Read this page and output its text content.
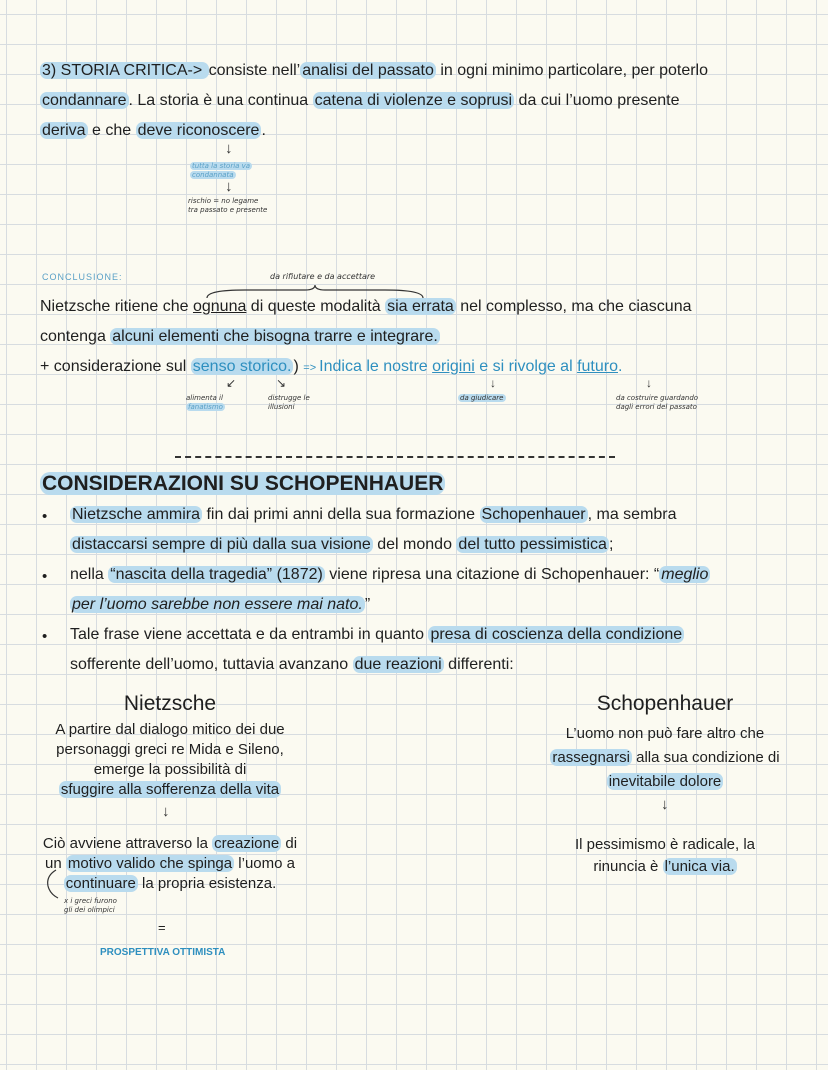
3) STORIA CRITICA-> consiste nell’ analisi del passato in ogni minimo particolare, per poterlo
condannare . La storia è una continua catena di violenze e soprusi da cui l’uomo presente
deriva e che deve riconoscere .
↓
tutta la storia va condannata
↓
rischio = no legame
tra passato e presente
CONCLUSIONE:	da rifiutare e da accettare
Nietzsche ritiene che ognuna di queste modalità sia errata nel complesso, ma che ciascuna
contenga alcuni elementi che bisogna trarre e integrare.
+ considerazione sul senso storico. ) => Indica le nostre origini e si rivolge al futuro.
↙	↘	↓	↓
alimenta il
fanatismo
distrugge le
illusioni
da giudicare	da costruire guardando
dagli errori del passato
CONSIDERAZIONI SU SCHOPENHAUER
• Nietzsche ammira fin dai primi anni della sua formazione Schopenhauer , ma sembra
distaccarsi sempre di più dalla sua visione del mondo del tutto pessimistica ;
• nella “nascita della tragedia” (1872) viene ripresa una citazione di Schopenhauer: “ meglio
per l’uomo sarebbe non essere mai nato. ”
• Tale frase viene accettata e da entrambi in quanto presa di coscienza della condizione
sofferente dell’uomo, tuttavia avanzano due reazioni differenti:
Nietzsche
A partire dal dialogo mitico dei due
personaggi greci re Mida e Sileno,
emerge la possibilità di
sfuggire alla sofferenza della vita
↓
Ciò avviene attraverso la creazione di
un motivo valido che spinga l’uomo a
continuare la propria esistenza.
x i greci furono
gli dei olimpici
=
PROSPETTIVA OTTIMISTA
Schopenhauer
L’uomo non può fare altro che
rassegnarsi alla sua condizione di
inevitabile dolore
↓
Il pessimismo è radicale, la
rinuncia è l’unica via.
